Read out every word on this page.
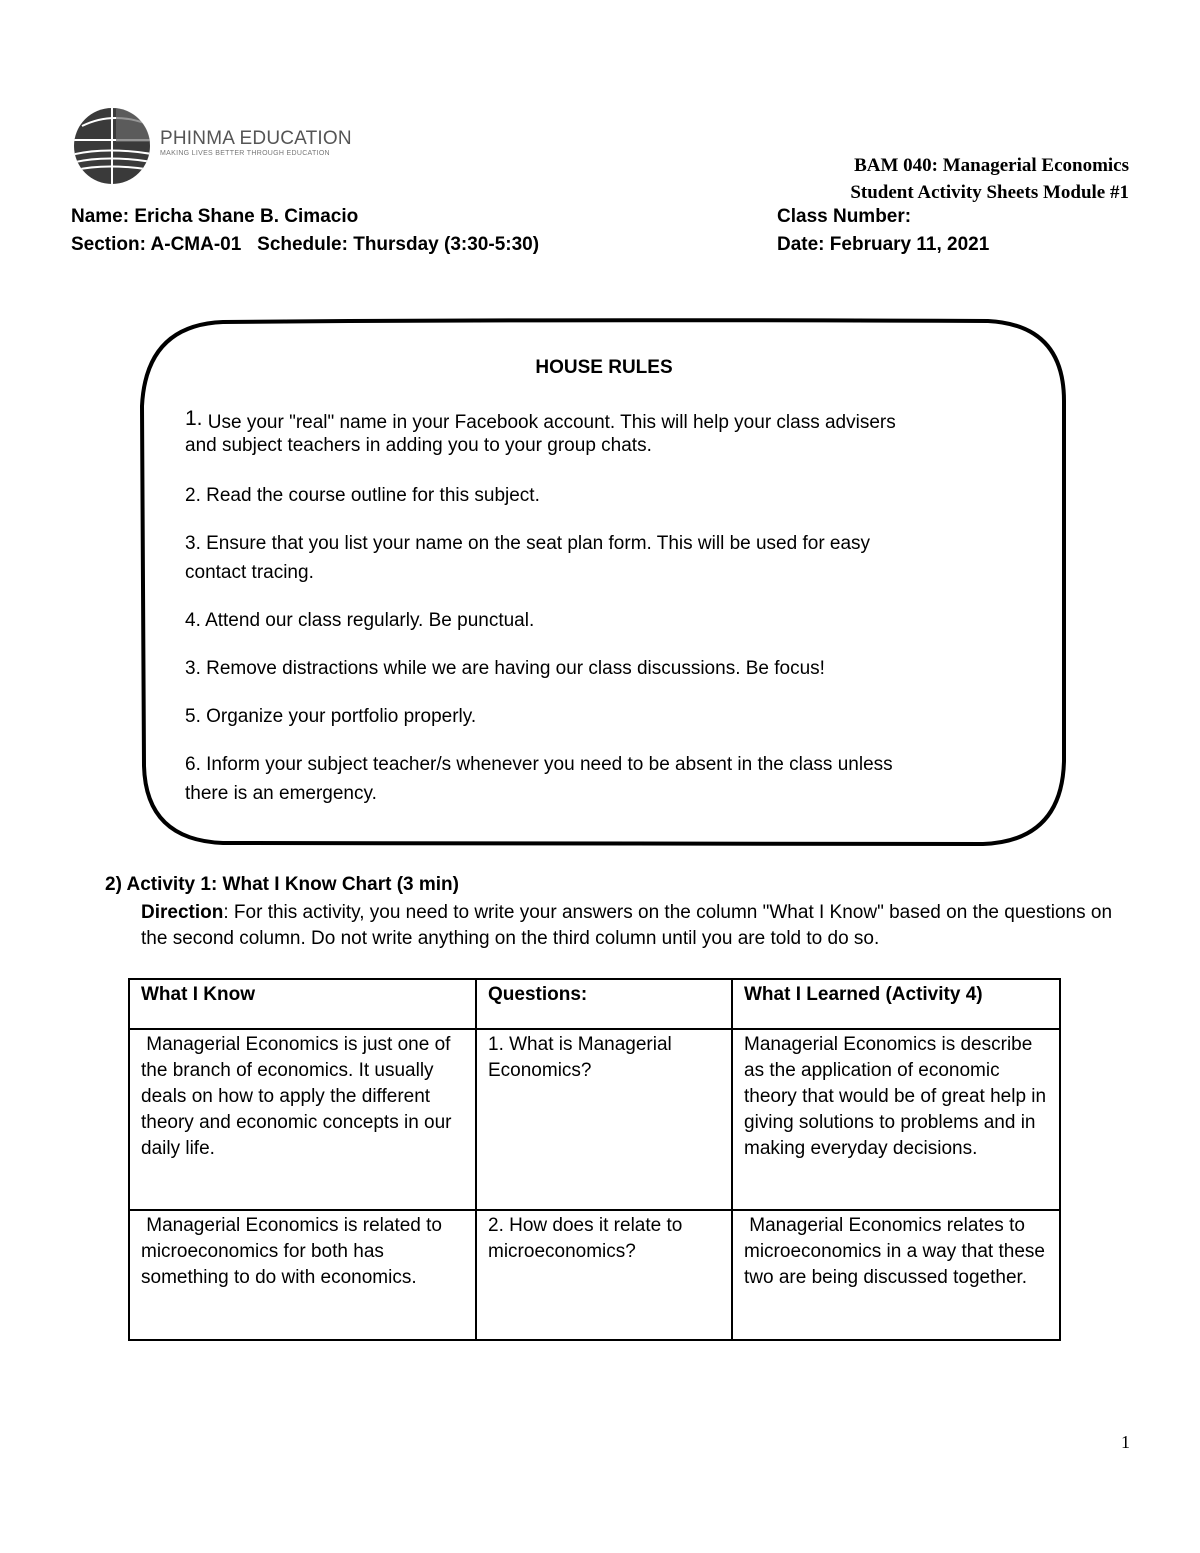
PHINMA EDUCATION
MAKING LIVES BETTER THROUGH EDUCATION
BAM 040: Managerial Economics
Student Activity Sheets Module #1
Name: Ericha Shane B. Cimacio
Section: A-CMA-01   Schedule: Thursday (3:30-5:30)
Class Number:
Date: February 11, 2021
HOUSE RULES
1. Use your "real" name in your Facebook account. This will help your class advisers
and subject teachers in adding you to your group chats.
2. Read the course outline for this subject.
3. Ensure that you list your name on the seat plan form. This will be used for easy
contact tracing.
4. Attend our class regularly. Be punctual.
3. Remove distractions while we are having our class discussions. Be focus!
5. Organize your portfolio properly.
6. Inform your subject teacher/s whenever you need to be absent in the class unless
there is an emergency.
2) Activity 1: What I Know Chart (3 min)
Direction: For this activity, you need to write your answers on the column "What I Know" based on the questions on the second column. Do not write anything on the third column until you are told to do so.
What I Know	Questions:	What I Learned (Activity 4)
Managerial Economics is just one of the branch of economics. It usually deals on how to apply the different theory and economic concepts in our daily life.	1. What is Managerial Economics?	Managerial Economics is describe as the application of economic theory that would be of great help in giving solutions to problems and in making everyday decisions.
Managerial Economics is related to microeconomics for both has something to do with economics.	2. How does it relate to microeconomics?	Managerial Economics relates to microeconomics in a way that these two are being discussed together.
1
